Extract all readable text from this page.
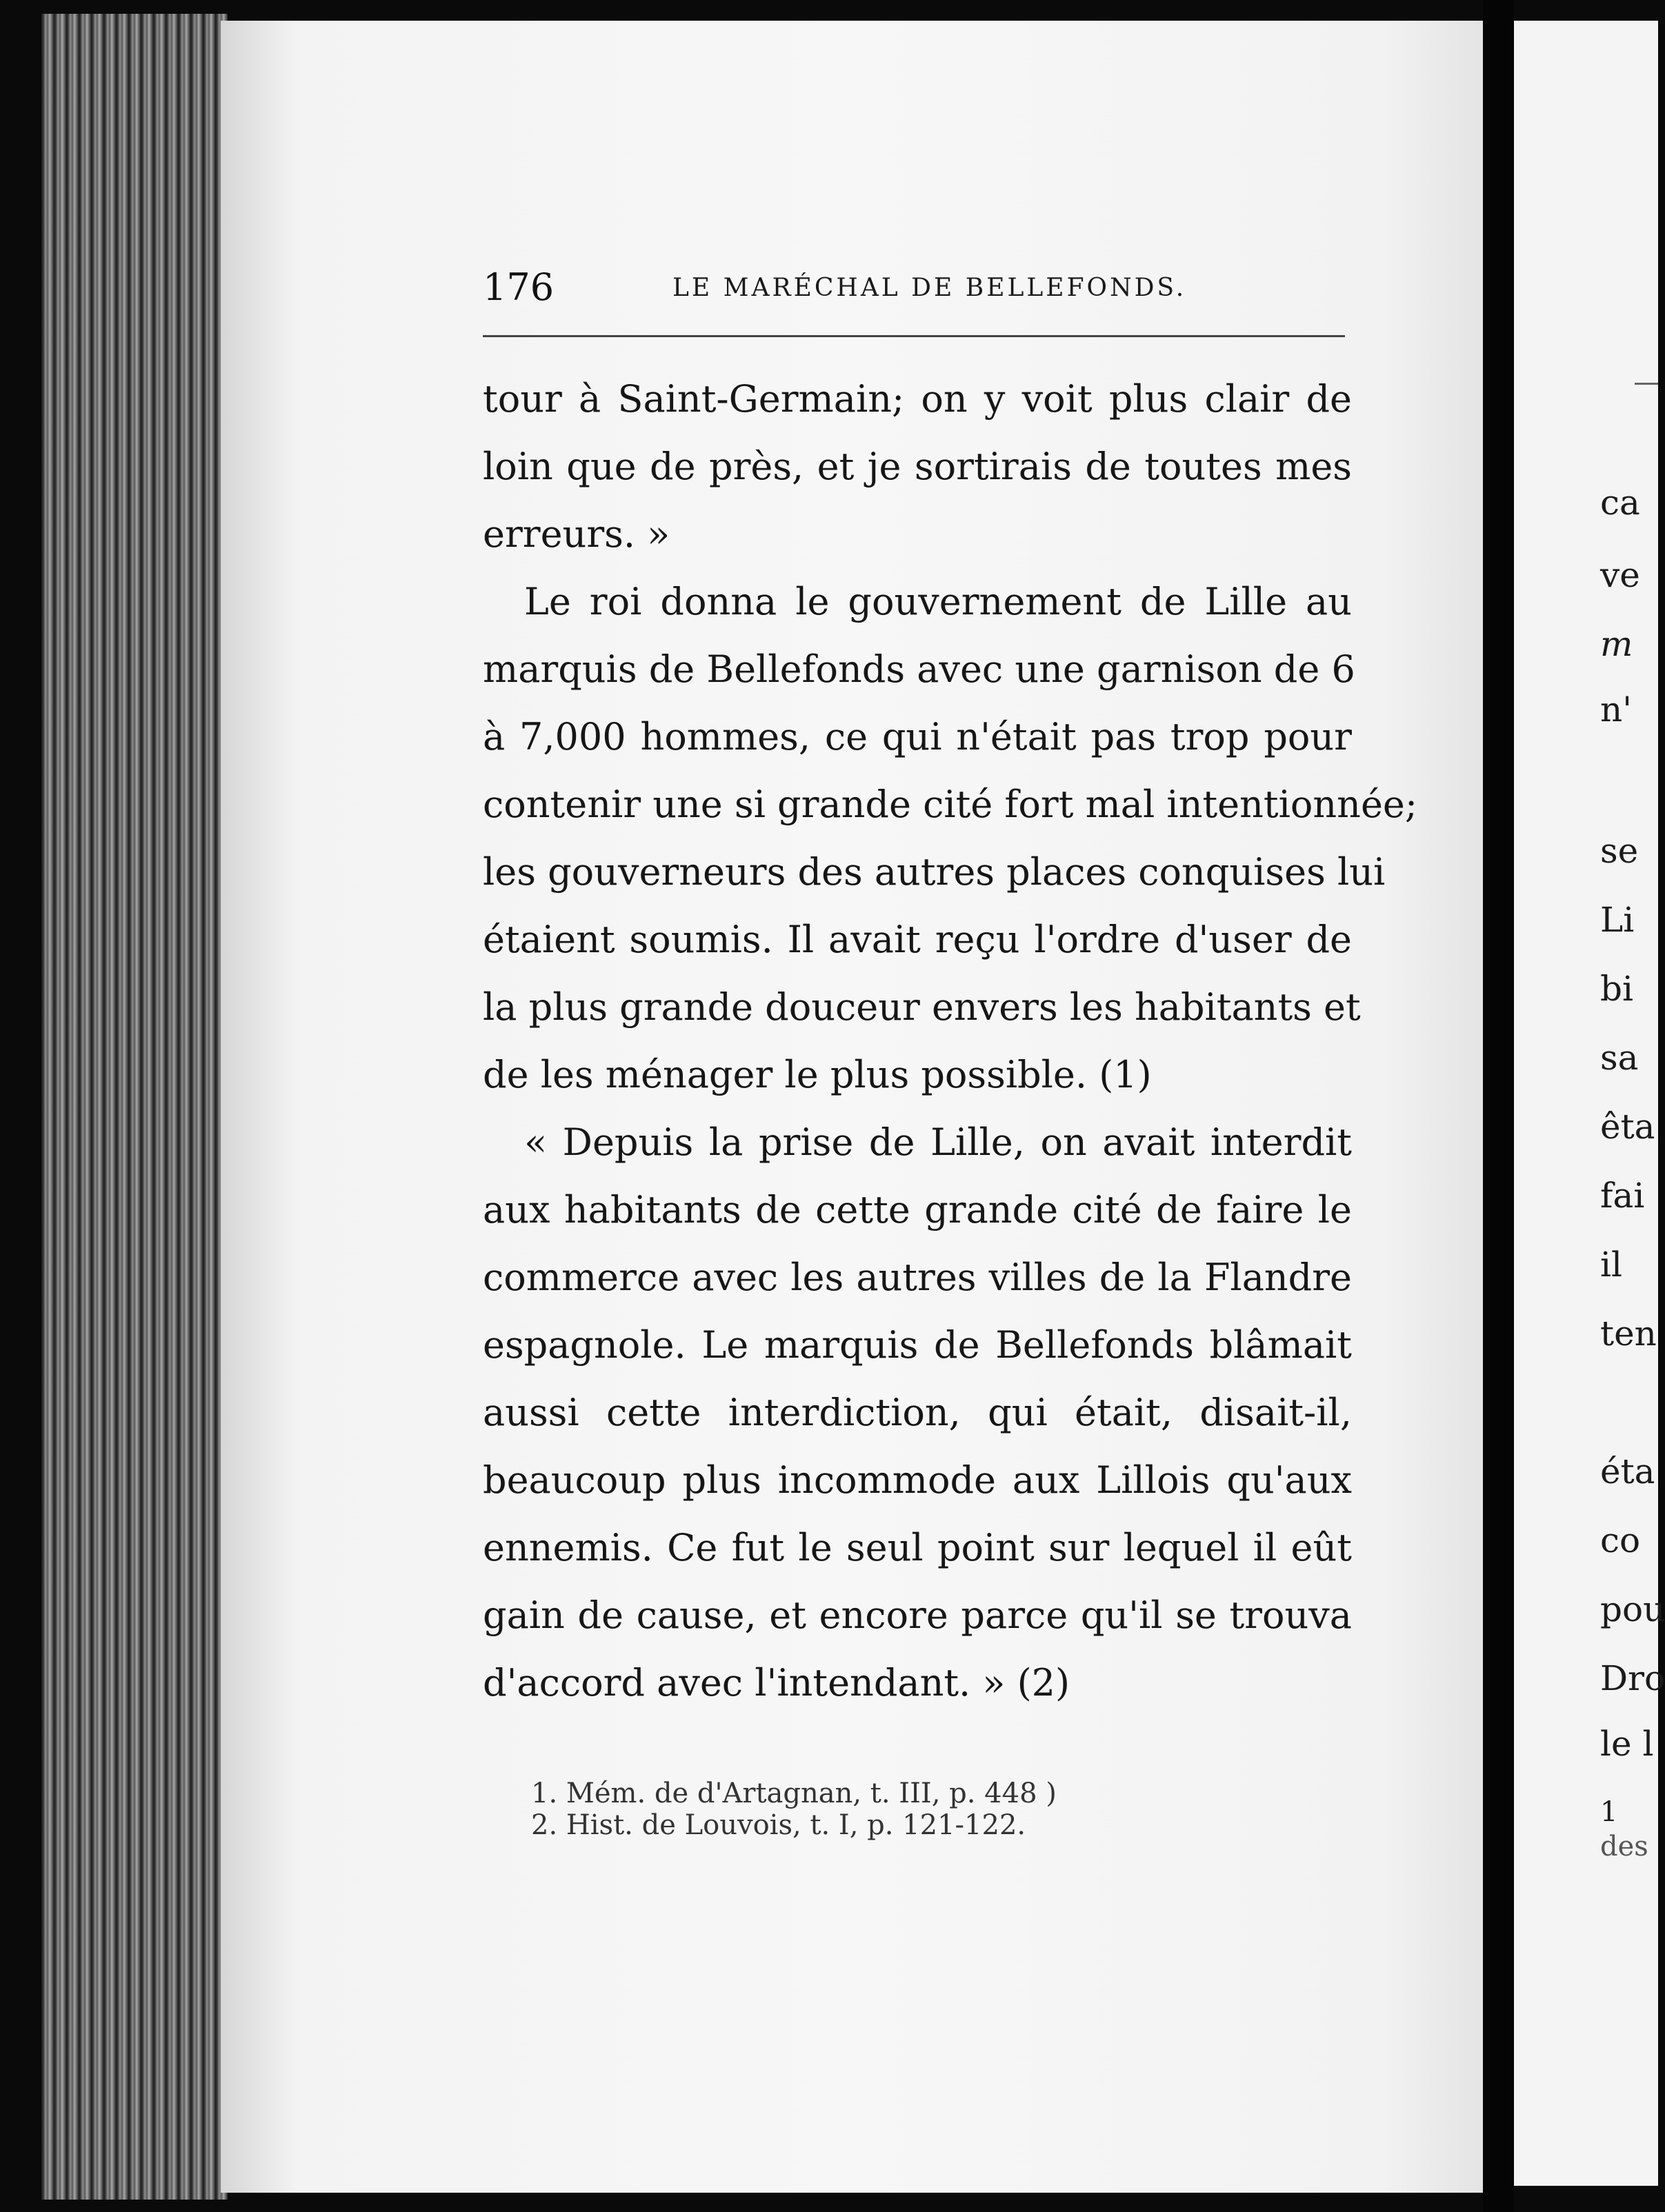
176	LE MARÉCHAL DE BELLEFONDS.
tour à Saint-Germain; on y voit plus clair de
loin que de près, et je sortirais de toutes mes
erreurs. »
Le roi donna le gouvernement de Lille au
marquis de Bellefonds avec une garnison de 6
à 7,000 hommes, ce qui n'était pas trop pour
contenir une si grande cité fort mal intentionnée;
les gouverneurs des autres places conquises lui
étaient soumis. Il avait reçu l'ordre d'user de
la plus grande douceur envers les habitants et
de les ménager le plus possible. (1)
« Depuis la prise de Lille, on avait interdit
aux habitants de cette grande cité de faire le
commerce avec les autres villes de la Flandre
espagnole. Le marquis de Bellefonds blâmait
aussi cette interdiction, qui était, disait-il,
beaucoup plus incommode aux Lillois qu'aux
ennemis. Ce fut le seul point sur lequel il eût
gain de cause, et encore parce qu'il se trouva
d'accord avec l'intendant. » (2)
1. Mém. de d'Artagnan, t. III, p. 448 )
2. Hist. de Louvois, t. I, p. 121-122.
ca
ve
m
n'
se
Li
bi
sa
êta
fai
il
ten
éta
co
pou
Dro
le l
1
des
